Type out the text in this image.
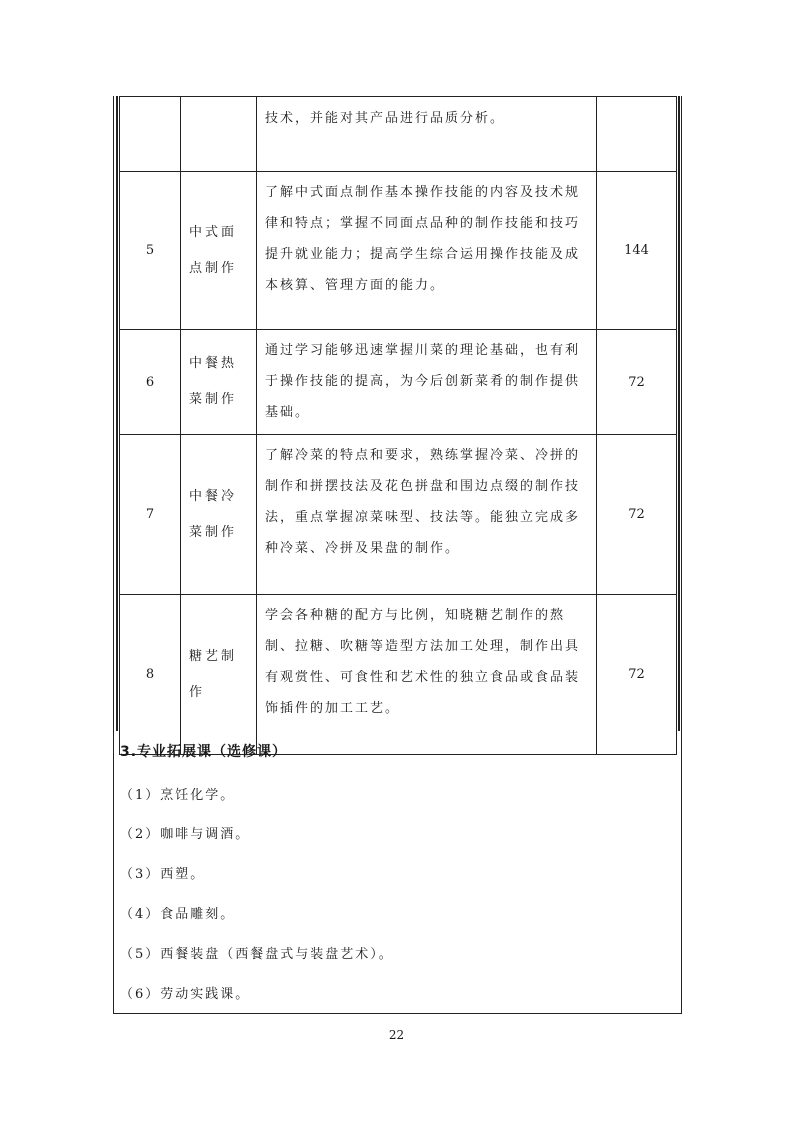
		技术，并能对其产品进行品质分析。	
5	中式面点制作	了解中式面点制作基本操作技能的内容及技术规律和特点；掌握不同面点品种的制作技能和技巧提升就业能力；提高学生综合运用操作技能及成本核算、管理方面的能力。	144
6	中餐热菜制作	通过学习能够迅速掌握川菜的理论基础，也有利于操作技能的提高，为今后创新菜肴的制作提供基础。	72
7	中餐冷菜制作	了解冷菜的特点和要求，熟练掌握冷菜、冷拼的制作和拼摆技法及花色拼盘和围边点缀的制作技法，重点掌握凉菜味型、技法等。能独立完成多种冷菜、冷拼及果盘的制作。	72
8	糖艺制作	学会各种糖的配方与比例，知晓糖艺制作的熬制、拉糖、吹糖等造型方法加工处理，制作出具有观赏性、可食性和艺术性的独立食品或食品装饰插件的加工工艺。	72
3.专业拓展课（选修课）
（1）烹饪化学。
（2）咖啡与调酒。
（3）西塑。
（4）食品雕刻。
（5）西餐装盘（西餐盘式与装盘艺术）。
（6）劳动实践课。
22
